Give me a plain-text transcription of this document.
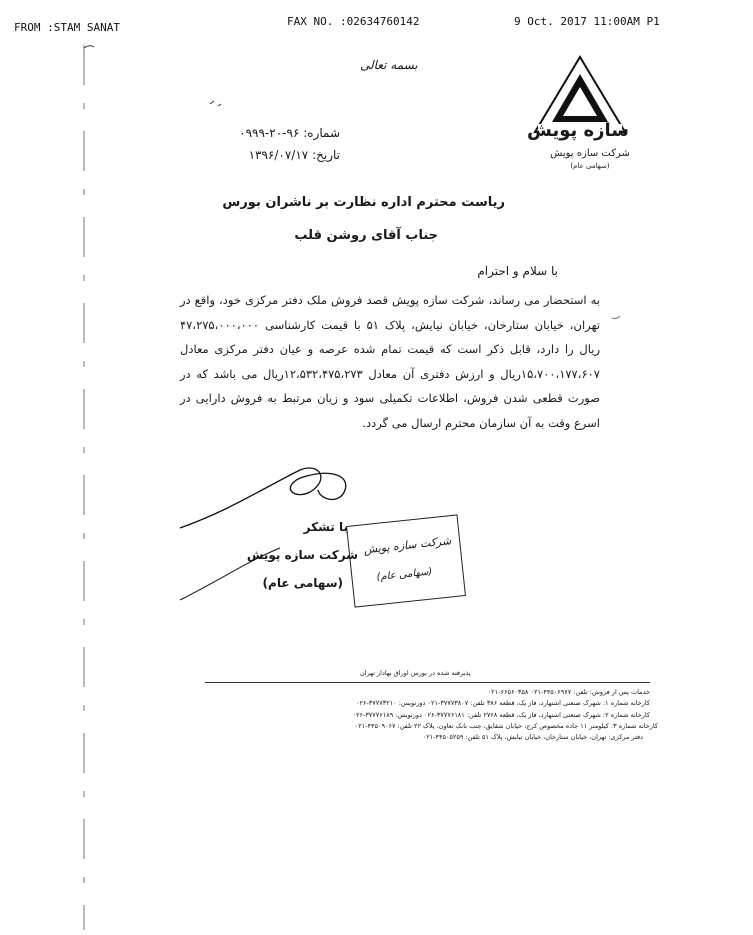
FROM :STAM SANAT	FAX NO. :02634760142	9 Oct. 2017 11:00AM P1
سازه پویش
شرکت سازه پویش
(سهامی عام)
بسمه تعالی
شماره: ۹۶-۲۰-۰۹۹۹
تاریخ: ۱۳۹۶/۰۷/۱۷
ریاست محترم اداره نظارت بر ناشران بورس
جناب آقای روشن قلب
با سلام و احترام
به استحضار می رساند، شرکت سازه پویش قصد فروش ملک دفتر مرکزی خود، واقع در تهران، خیابان ستارخان، خیابان نیایش، پلاک ۵۱ با قیمت کارشناسی ۴۷،۲۷۵،۰۰۰،۰۰۰ ریال را دارد، قابل ذکر است که قیمت تمام شده عرصه و عیان دفتر مرکزی معادل ۱۵،۷۰۰،۱۷۷،۶۰۷ریال و ارزش دفتری آن معادل ۱۲،۵۳۲،۴۷۵،۲۷۳ریال می باشد که در صورت قطعی شدن فروش، اطلاعات تکمیلی سود و زیان مرتبط به فروش دارایی در اسرع وقت به آن سازمان محترم ارسال می گردد.
با تشکر
شرکت سازه پویش
(سهامی عام)
شرکت سازه پویش
(سهامی عام)
پذیرفته شده در بورس اوراق بهادار تهران
خدمات پس از فروش: تلفن: ۴۴۵۰۶۹۷۷-۰۲۱ ۶۶۵۶۰۳۵۸-۰۲۱
کارخانه شماره ۱: شهرک صنعتی اشتهارد، فاز یک، قطعه ۳۸۶ تلفن: ۳۷۷۷۳۸۰۷-۰۲۱ دورنویس: ۳۷۷۷۳۲۱۰-۰۲۶
کارخانه شماره ۲: شهرک صنعتی اشتهارد، فاز یک، قطعه ۲۷۶۸ تلفن: ۳۷۷۷۶۱۸۱-۰۲۶ دورنویس: ۳۷۷۷۶۱۸۹-۰۲۶
کارخانه شماره ۳: کیلومتر ۱۱ جاده مخصوص کرج، خیابان شقایق، جنب بانک تعاون، پلاک ۲۲ تلفن: ۴۴۵۰۹۰۶۷-۰۲۱
دفتر مرکزی: تهران، خیابان ستارخان، خیابان نیایش، پلاک ۵۱ تلفن: ۴۴۵۰۵۲۵۹-۰۲۱
